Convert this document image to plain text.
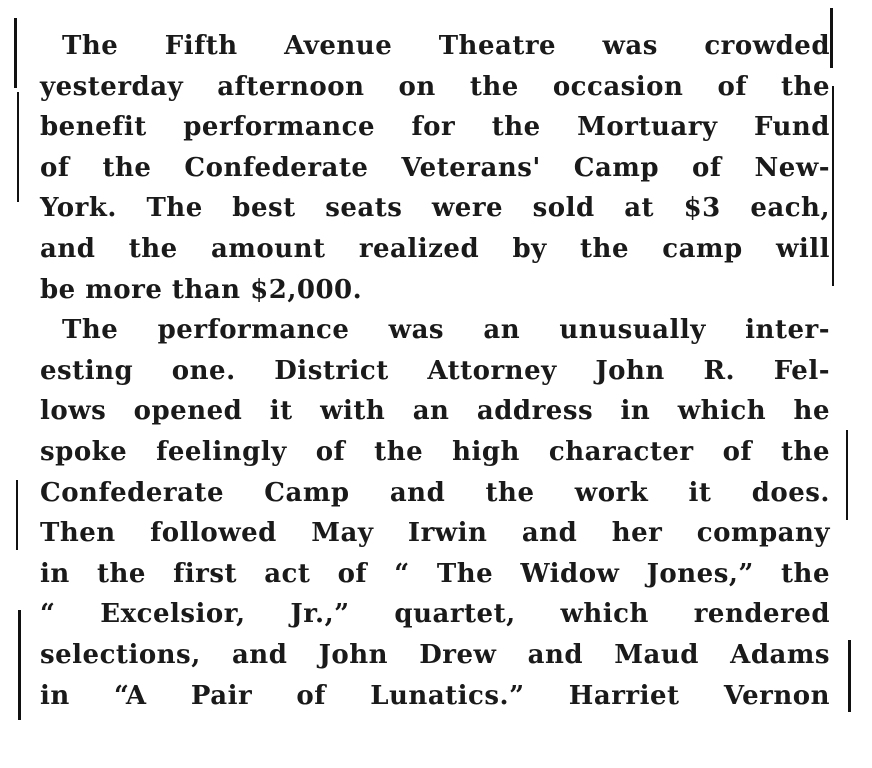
The Fifth Avenue Theatre was crowded
yesterday afternoon on the occasion of the
benefit performance for the Mortuary Fund
of the Confederate Veterans' Camp of New-
York. The best seats were sold at $3 each,
and the amount realized by the camp will
be more than $2,000.
The performance was an unusually inter-
esting one. District Attorney John R. Fel-
lows opened it with an address in which he
spoke feelingly of the high character of the
Confederate Camp and the work it does.
Then followed May Irwin and her company
in the first act of “ The Widow Jones,” the
“ Excelsior, Jr.,” quartet, which rendered
selections, and John Drew and Maud Adams
in “A Pair of Lunatics.” Harriet Vernon
